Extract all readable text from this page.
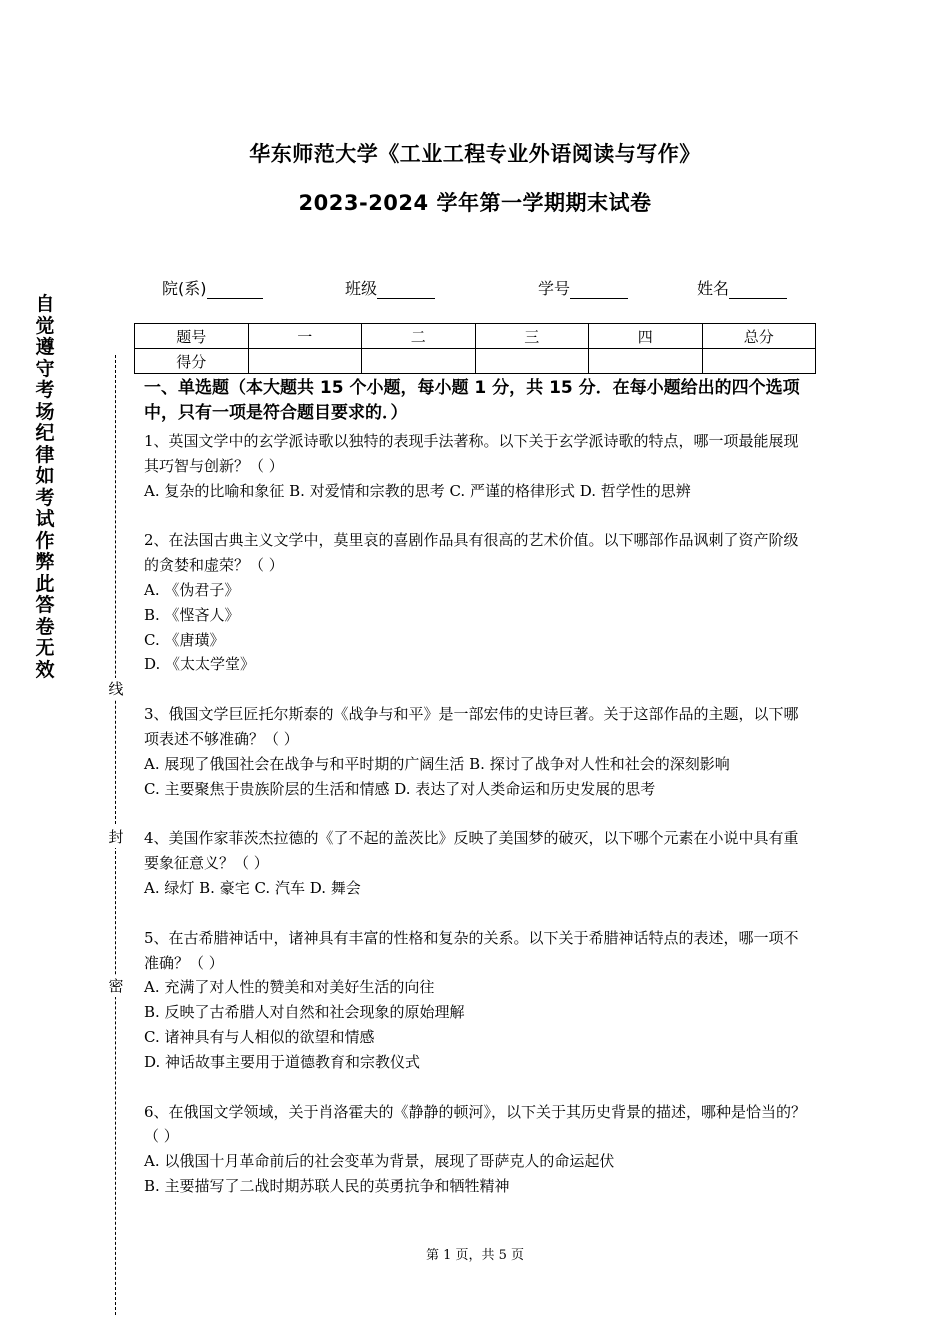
华东师范大学《工业工程专业外语阅读与写作》
2023-2024 学年第一学期期末试卷
院(系)	班级	学号	姓名
题号	一	二	三	四	总分
得分					
自觉遵守考场纪律如考试作弊此答卷无效
线
封
密
一、单选题（本大题共 15 个小题，每小题 1 分，共 15 分．在每小题给出的四个选项中，只有一项是符合题目要求的．）
1、英国文学中的玄学派诗歌以独特的表现手法著称。以下关于玄学派诗歌的特点，哪一项最能展现其巧智与创新？（ ）
A. 复杂的比喻和象征 B. 对爱情和宗教的思考 C. 严谨的格律形式 D. 哲学性的思辨
2、在法国古典主义文学中，莫里哀的喜剧作品具有很高的艺术价值。以下哪部作品讽刺了资产阶级的贪婪和虚荣？（ ）
A. 《伪君子》
B. 《悭吝人》
C. 《唐璜》
D. 《太太学堂》
3、俄国文学巨匠托尔斯泰的《战争与和平》是一部宏伟的史诗巨著。关于这部作品的主题，以下哪项表述不够准确？（ ）
A. 展现了俄国社会在战争与和平时期的广阔生活 B. 探讨了战争对人性和社会的深刻影响
C. 主要聚焦于贵族阶层的生活和情感 D. 表达了对人类命运和历史发展的思考
4、美国作家菲茨杰拉德的《了不起的盖茨比》反映了美国梦的破灭，以下哪个元素在小说中具有重要象征意义？（ ）
A. 绿灯 B. 豪宅 C. 汽车 D. 舞会
5、在古希腊神话中，诸神具有丰富的性格和复杂的关系。以下关于希腊神话特点的表述，哪一项不准确？（ ）
A. 充满了对人性的赞美和对美好生活的向往
B. 反映了古希腊人对自然和社会现象的原始理解
C. 诸神具有与人相似的欲望和情感
D. 神话故事主要用于道德教育和宗教仪式
6、在俄国文学领域，关于肖洛霍夫的《静静的顿河》，以下关于其历史背景的描述，哪种是恰当的？（ ）
A. 以俄国十月革命前后的社会变革为背景，展现了哥萨克人的命运起伏
B. 主要描写了二战时期苏联人民的英勇抗争和牺牲精神
第 1 页，共 5 页
